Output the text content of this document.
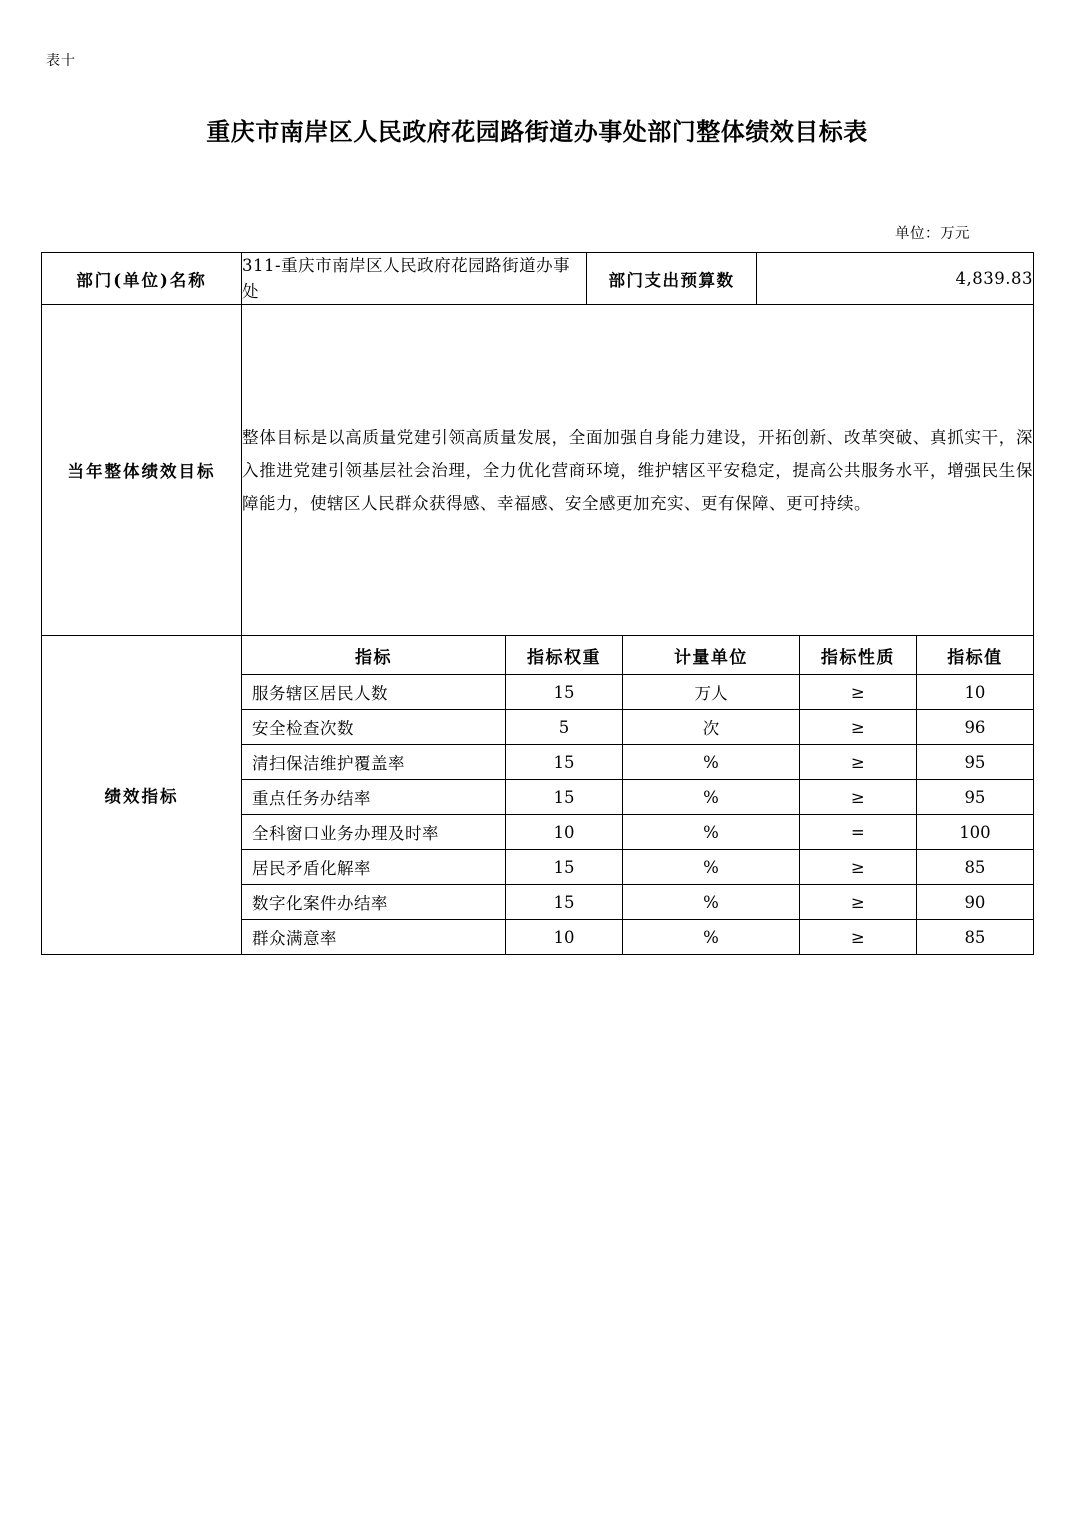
表十
重庆市南岸区人民政府花园路街道办事处部门整体绩效目标表
单位：万元
部门(单位)名称	311-重庆市南岸区人民政府花园路街道办事处	部门支出预算数	4,839.83
当年整体绩效目标	
整体目标是以高质量党建引领高质量发展，全面加强自身能力建设，开拓创新、改革突破、真抓实干，深入推进党建引领基层社会治理，全力优化营商环境，维护辖区平安稳定，提高公共服务水平，增强民生保障能力，使辖区人民群众获得感、幸福感、安全感更加充实、更有保障、更可持续。

绩效指标	
指标	指标权重	计量单位	指标性质	指标值
服务辖区居民人数	15	万人	≥	10
安全检查次数	5	次	≥	96
清扫保洁维护覆盖率	15	%	≥	95
重点任务办结率	15	%	≥	95
全科窗口业务办理及时率	10	%	=	100
居民矛盾化解率	15	%	≥	85
数字化案件办结率	15	%	≥	90
群众满意率	10	%	≥	85
